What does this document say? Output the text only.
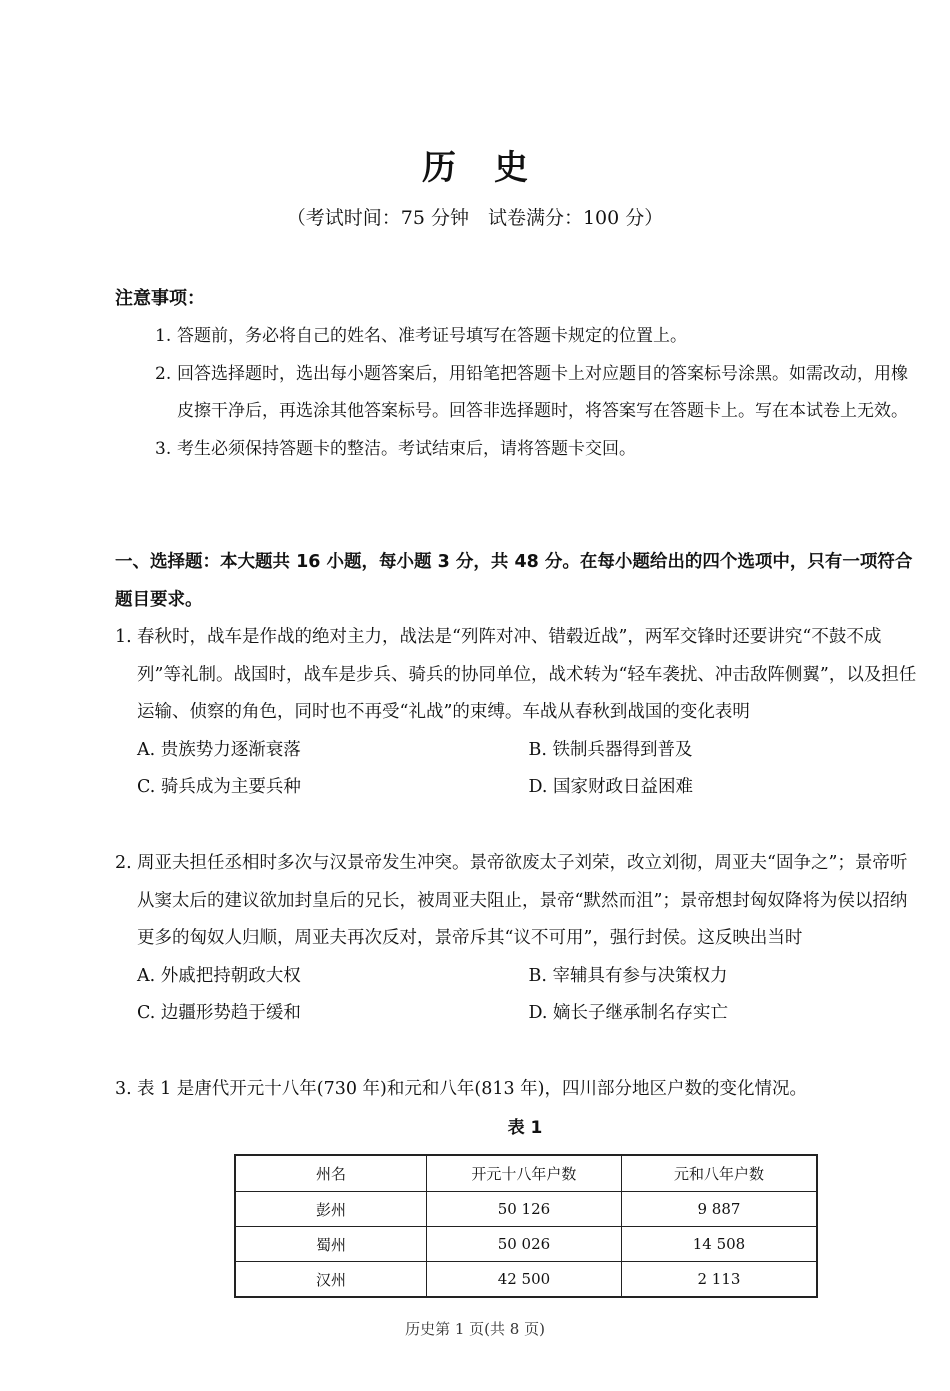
历史
（考试时间：75 分钟　试卷满分：100 分）
注意事项：
1. 答题前，务必将自己的姓名、准考证号填写在答题卡规定的位置上。
2. 回答选择题时，选出每小题答案后，用铅笔把答题卡上对应题目的答案标号涂黑。如需改动，用橡皮擦干净后，再选涂其他答案标号。回答非选择题时，将答案写在答题卡上。写在本试卷上无效。
3. 考生必须保持答题卡的整洁。考试结束后，请将答题卡交回。
一、选择题：本大题共 16 小题，每小题 3 分，共 48 分。在每小题给出的四个选项中，只有一项符合题目要求。
1. 春秋时，战车是作战的绝对主力，战法是“列阵对冲、错毂近战”，两军交锋时还要讲究“不鼓不成列”等礼制。战国时，战车是步兵、骑兵的协同单位，战术转为“轻车袭扰、冲击敌阵侧翼”，以及担任运输、侦察的角色，同时也不再受“礼战”的束缚。车战从春秋到战国的变化表明
A. 贵族势力逐渐衰落	B. 铁制兵器得到普及
C. 骑兵成为主要兵种	D. 国家财政日益困难
2. 周亚夫担任丞相时多次与汉景帝发生冲突。景帝欲废太子刘荣，改立刘彻，周亚夫“固争之”；景帝听从窦太后的建议欲加封皇后的兄长，被周亚夫阻止，景帝“默然而沮”；景帝想封匈奴降将为侯以招纳更多的匈奴人归顺，周亚夫再次反对，景帝斥其“议不可用”，强行封侯。这反映出当时
A. 外戚把持朝政大权	B. 宰辅具有参与决策权力
C. 边疆形势趋于缓和	D. 嫡长子继承制名存实亡
3. 表 1 是唐代开元十八年(730 年)和元和八年(813 年)，四川部分地区户数的变化情况。
表 1
州名	开元十八年户数	元和八年户数
彭州	50 126	9 887
蜀州	50 026	14 508
汉州	42 500	2 113
历史第 1 页(共 8 页)
